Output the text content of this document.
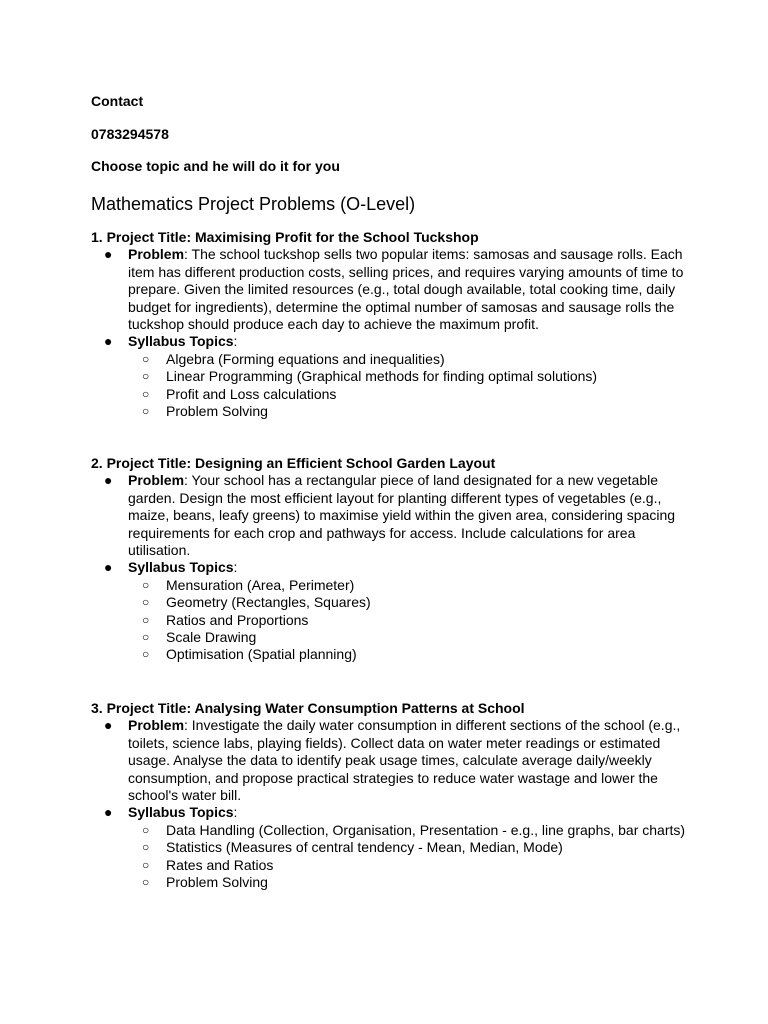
Contact
0783294578
Choose topic and he will do it for you
Mathematics Project Problems (O-Level)
1. Project Title: Maximising Profit for the School Tuckshop
● Problem: The school tuckshop sells two popular items: samosas and sausage rolls. Each
item has different production costs, selling prices, and requires varying amounts of time to
prepare. Given the limited resources (e.g., total dough available, total cooking time, daily
budget for ingredients), determine the optimal number of samosas and sausage rolls the
tuckshop should produce each day to achieve the maximum profit.
● Syllabus Topics:
○ Algebra (Forming equations and inequalities)
○ Linear Programming (Graphical methods for finding optimal solutions)
○ Profit and Loss calculations
○ Problem Solving
2. Project Title: Designing an Efficient School Garden Layout
● Problem: Your school has a rectangular piece of land designated for a new vegetable
garden. Design the most efficient layout for planting different types of vegetables (e.g.,
maize, beans, leafy greens) to maximise yield within the given area, considering spacing
requirements for each crop and pathways for access. Include calculations for area
utilisation.
● Syllabus Topics:
○ Mensuration (Area, Perimeter)
○ Geometry (Rectangles, Squares)
○ Ratios and Proportions
○ Scale Drawing
○ Optimisation (Spatial planning)
3. Project Title: Analysing Water Consumption Patterns at School
● Problem: Investigate the daily water consumption in different sections of the school (e.g.,
toilets, science labs, playing fields). Collect data on water meter readings or estimated
usage. Analyse the data to identify peak usage times, calculate average daily/weekly
consumption, and propose practical strategies to reduce water wastage and lower the
school's water bill.
● Syllabus Topics:
○ Data Handling (Collection, Organisation, Presentation - e.g., line graphs, bar charts)
○ Statistics (Measures of central tendency - Mean, Median, Mode)
○ Rates and Ratios
○ Problem Solving
